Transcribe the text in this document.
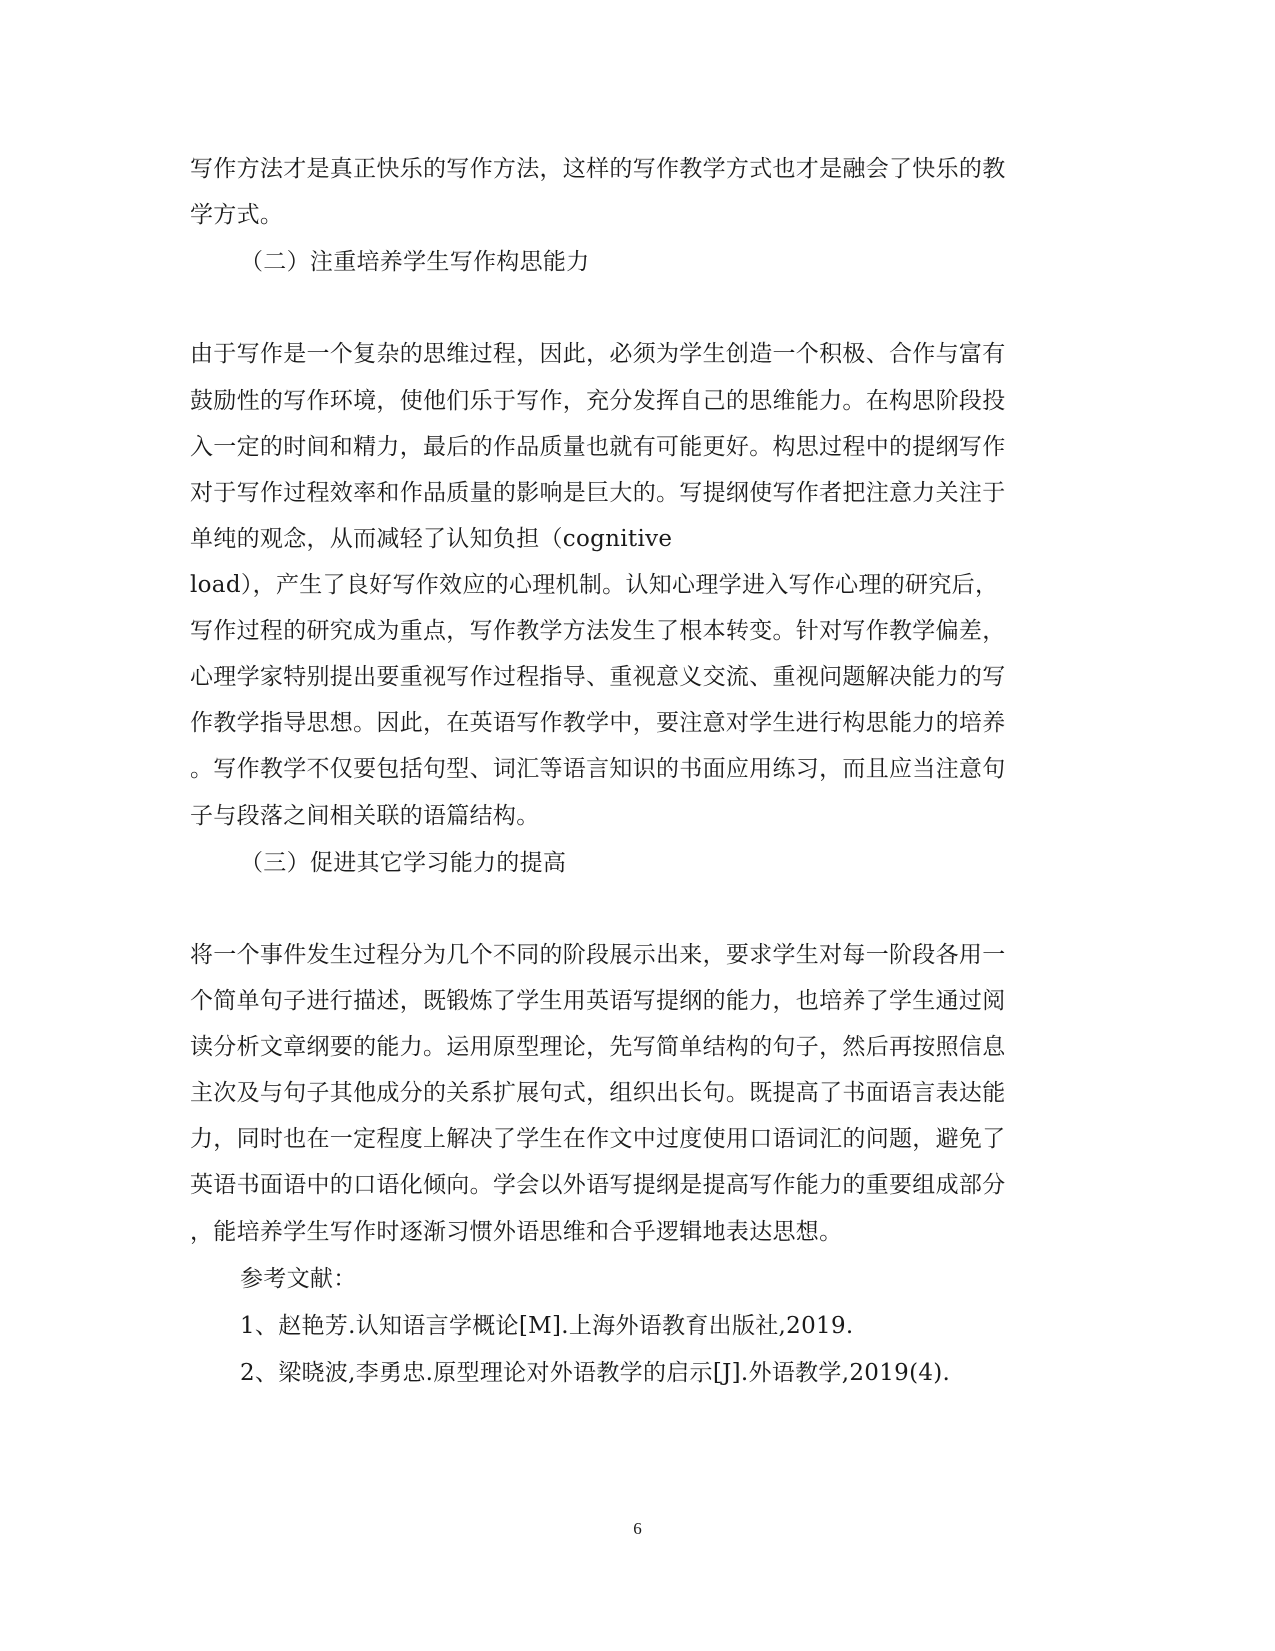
写作方法才是真正快乐的写作方法，这样的写作教学方式也才是融会了快乐的教
学方式。
（二）注重培养学生写作构思能力
由于写作是一个复杂的思维过程，因此，必须为学生创造一个积极、合作与富有
鼓励性的写作环境，使他们乐于写作，充分发挥自己的思维能力。在构思阶段投
入一定的时间和精力，最后的作品质量也就有可能更好。构思过程中的提纲写作
对于写作过程效率和作品质量的影响是巨大的。写提纲使写作者把注意力关注于
单纯的观念，从而减轻了认知负担（cognitive
load），产生了良好写作效应的心理机制。认知心理学进入写作心理的研究后，
写作过程的研究成为重点，写作教学方法发生了根本转变。针对写作教学偏差，
心理学家特别提出要重视写作过程指导、重视意义交流、重视问题解决能力的写
作教学指导思想。因此，在英语写作教学中，要注意对学生进行构思能力的培养
。写作教学不仅要包括句型、词汇等语言知识的书面应用练习，而且应当注意句
子与段落之间相关联的语篇结构。
（三）促进其它学习能力的提高
将一个事件发生过程分为几个不同的阶段展示出来，要求学生对每一阶段各用一
个简单句子进行描述，既锻炼了学生用英语写提纲的能力，也培养了学生通过阅
读分析文章纲要的能力。运用原型理论，先写简单结构的句子，然后再按照信息
主次及与句子其他成分的关系扩展句式，组织出长句。既提高了书面语言表达能
力，同时也在一定程度上解决了学生在作文中过度使用口语词汇的问题，避免了
英语书面语中的口语化倾向。学会以外语写提纲是提高写作能力的重要组成部分
，能培养学生写作时逐渐习惯外语思维和合乎逻辑地表达思想。
参考文献：
1、赵艳芳.认知语言学概论[M].上海外语教育出版社,2019.
2、梁晓波,李勇忠.原型理论对外语教学的启示[J].外语教学,2019(4).
6
